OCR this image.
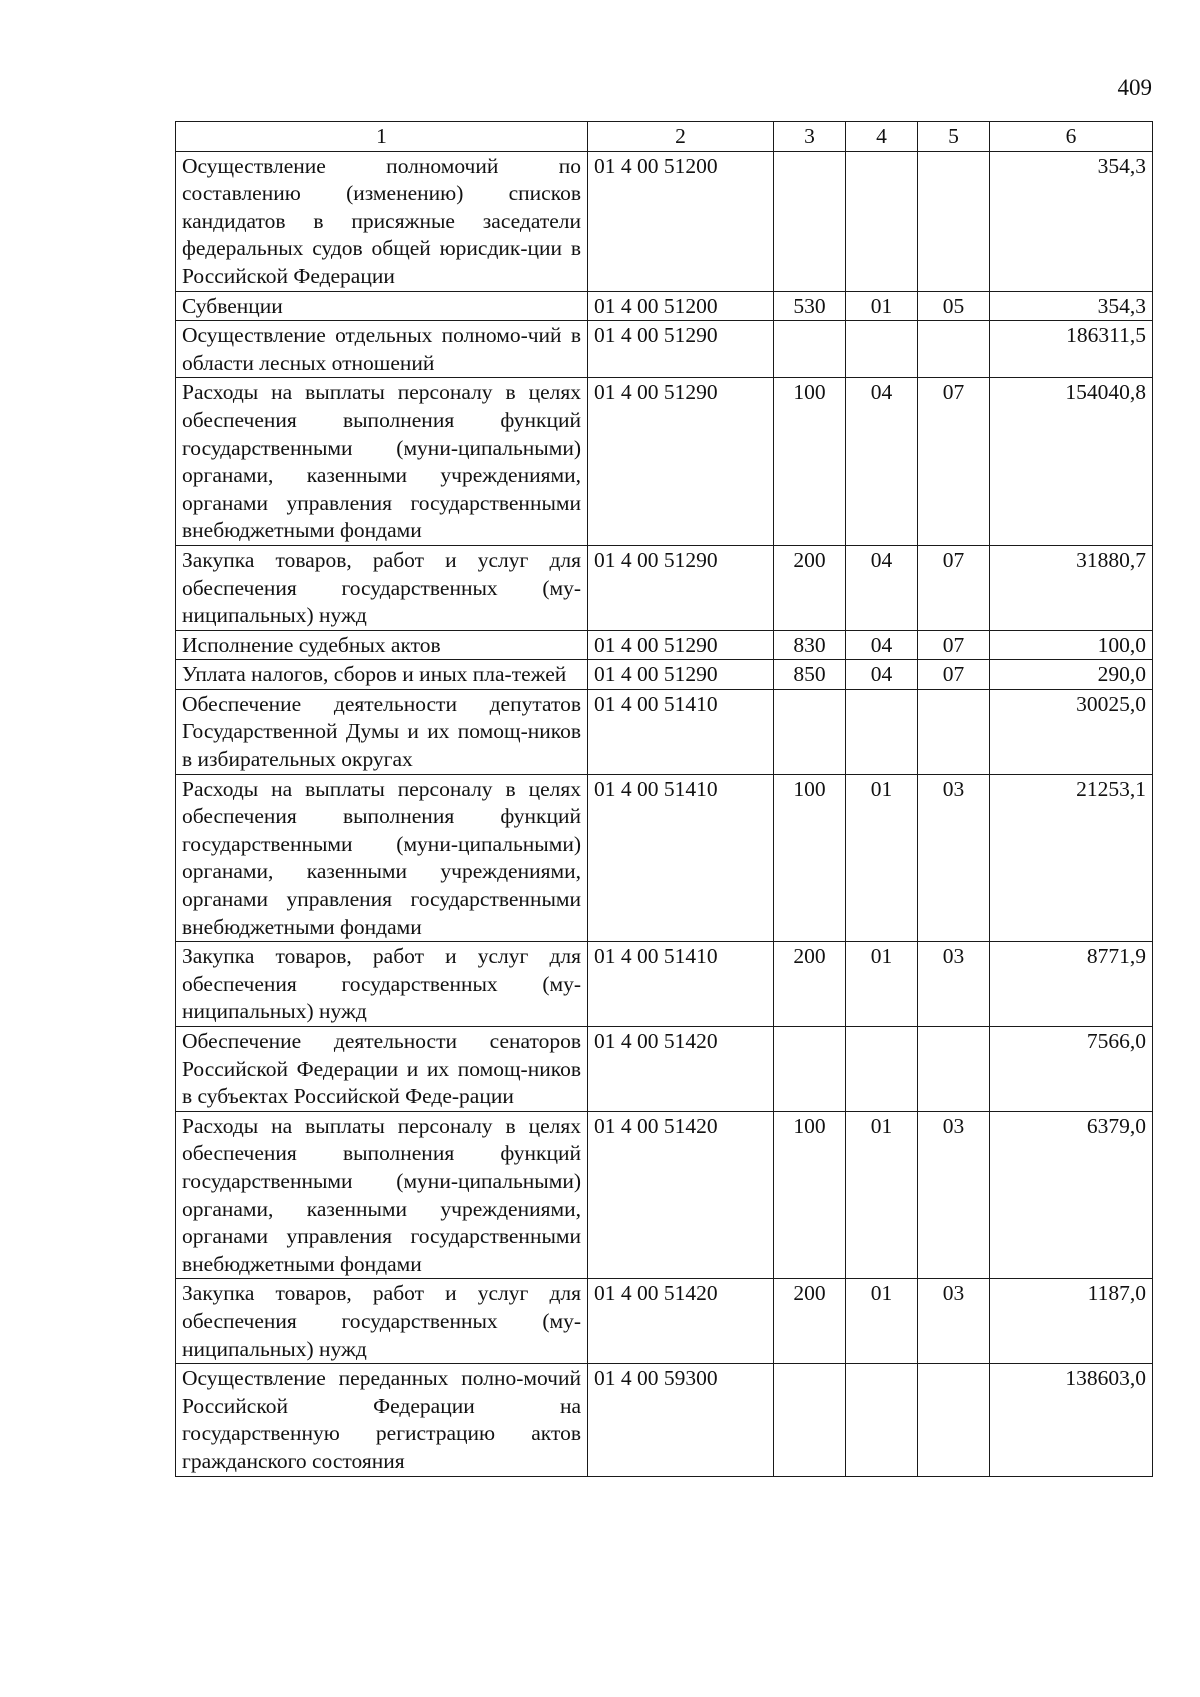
409
1	2	3	4	5	6
Осуществление полномочий по составлению (изменению) списков кандидатов в присяжные заседатели федеральных судов общей юрисдик-ции в Российской Федерации	01 4 00 51200				354,3
Субвенции	01 4 00 51200	530	01	05	354,3
Осуществление отдельных полномо-чий в области лесных отношений	01 4 00 51290				186311,5
Расходы на выплаты персоналу в целях обеспечения выполнения функций государственными (муни-ципальными) органами, казенными учреждениями, органами управления государственными внебюджетными фондами	01 4 00 51290	100	04	07	154040,8
Закупка товаров, работ и услуг для обеспечения государственных (му-ниципальных) нужд	01 4 00 51290	200	04	07	31880,7
Исполнение судебных актов	01 4 00 51290	830	04	07	100,0
Уплата налогов, сборов и иных пла-тежей	01 4 00 51290	850	04	07	290,0
Обеспечение деятельности депутатов Государственной Думы и их помощ-ников в избирательных округах	01 4 00 51410				30025,0
Расходы на выплаты персоналу в целях обеспечения выполнения функций государственными (муни-ципальными) органами, казенными учреждениями, органами управления государственными внебюджетными фондами	01 4 00 51410	100	01	03	21253,1
Закупка товаров, работ и услуг для обеспечения государственных (му-ниципальных) нужд	01 4 00 51410	200	01	03	8771,9
Обеспечение деятельности сенаторов Российской Федерации и их помощ-ников в субъектах Российской Феде-рации	01 4 00 51420				7566,0
Расходы на выплаты персоналу в целях обеспечения выполнения функций государственными (муни-ципальными) органами, казенными учреждениями, органами управления государственными внебюджетными фондами	01 4 00 51420	100	01	03	6379,0
Закупка товаров, работ и услуг для обеспечения государственных (му-ниципальных) нужд	01 4 00 51420	200	01	03	1187,0
Осуществление переданных полно-мочий Российской Федерации на государственную регистрацию актов гражданского состояния	01 4 00 59300				138603,0
